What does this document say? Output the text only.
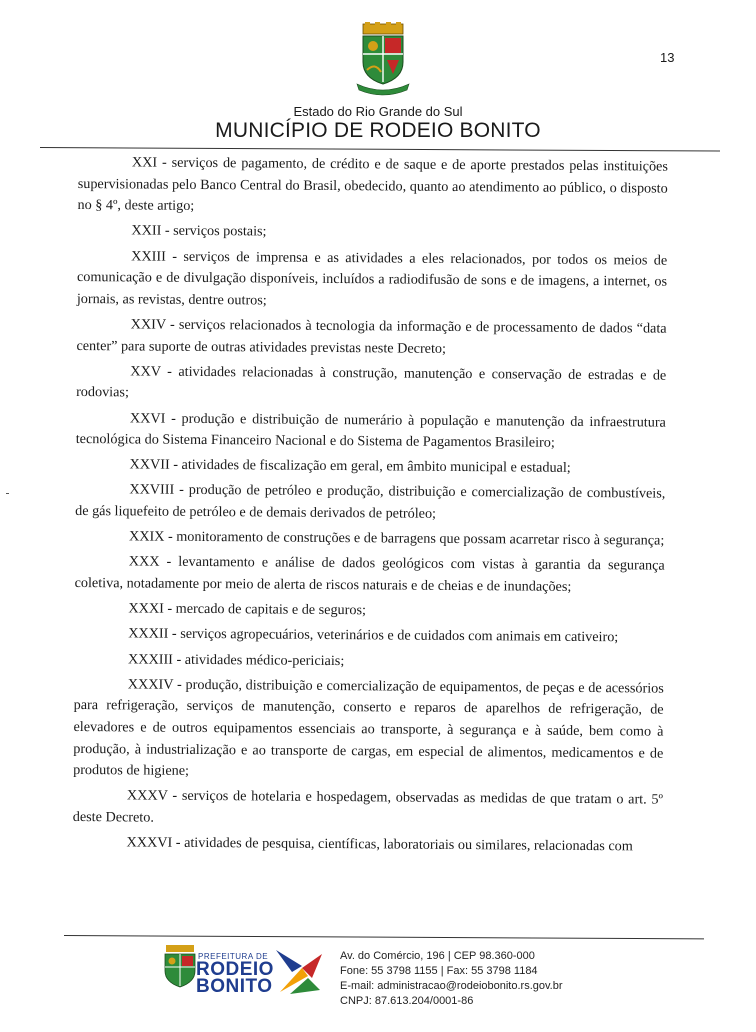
13
Estado do Rio Grande do Sul
MUNICÍPIO DE RODEIO BONITO

XXI - serviços de pagamento, de crédito e de saque e de aporte prestados pelas instituições supervisionadas pelo Banco Central do Brasil, obedecido, quanto ao atendimento ao público, o disposto no § 4º, deste artigo;

XXII - serviços postais;

XXIII - serviços de imprensa e as atividades a eles relacionados, por todos os meios de comunicação e de divulgação disponíveis, incluídos a radiodifusão de sons e de imagens, a internet, os jornais, as revistas, dentre outros;

XXIV - serviços relacionados à tecnologia da informação e de processamento de dados “data center” para suporte de outras atividades previstas neste Decreto;

XXV - atividades relacionadas à construção, manutenção e conservação de estradas e de rodovias;

XXVI - produção e distribuição de numerário à população e manutenção da infraestrutura tecnológica do Sistema Financeiro Nacional e do Sistema de Pagamentos Brasileiro;

XXVII - atividades de fiscalização em geral, em âmbito municipal e estadual;

XXVIII - produção de petróleo e produção, distribuição e comercialização de combustíveis, de gás liquefeito de petróleo e de demais derivados de petróleo;

XXIX - monitoramento de construções e de barragens que possam acarretar risco à segurança;

XXX - levantamento e análise de dados geológicos com vistas à garantia da segurança coletiva, notadamente por meio de alerta de riscos naturais e de cheias e de inundações;

XXXI - mercado de capitais e de seguros;

XXXII - serviços agropecuários, veterinários e de cuidados com animais em cativeiro;

XXXIII - atividades médico-periciais;

XXXIV - produção, distribuição e comercialização de equipamentos, de peças e de acessórios para refrigeração, serviços de manutenção, conserto e reparos de aparelhos de refrigeração, de elevadores e de outros equipamentos essenciais ao transporte, à segurança e à saúde, bem como à produção, à industrialização e ao transporte de cargas, em especial de alimentos, medicamentos e de produtos de higiene;

XXXV - serviços de hotelaria e hospedagem, observadas as medidas de que tratam o art. 5º deste Decreto.

XXXVI - atividades de pesquisa, científicas, laboratoriais ou similares, relacionadas com

PREFEITURA DE
RODEIO
BONITO
Av. do Comércio, 196 | CEP 98.360-000
Fone: 55 3798 1155 | Fax: 55 3798 1184
E-mail: administracao@rodeiobonito.rs.gov.br
CNPJ: 87.613.204/0001-86
